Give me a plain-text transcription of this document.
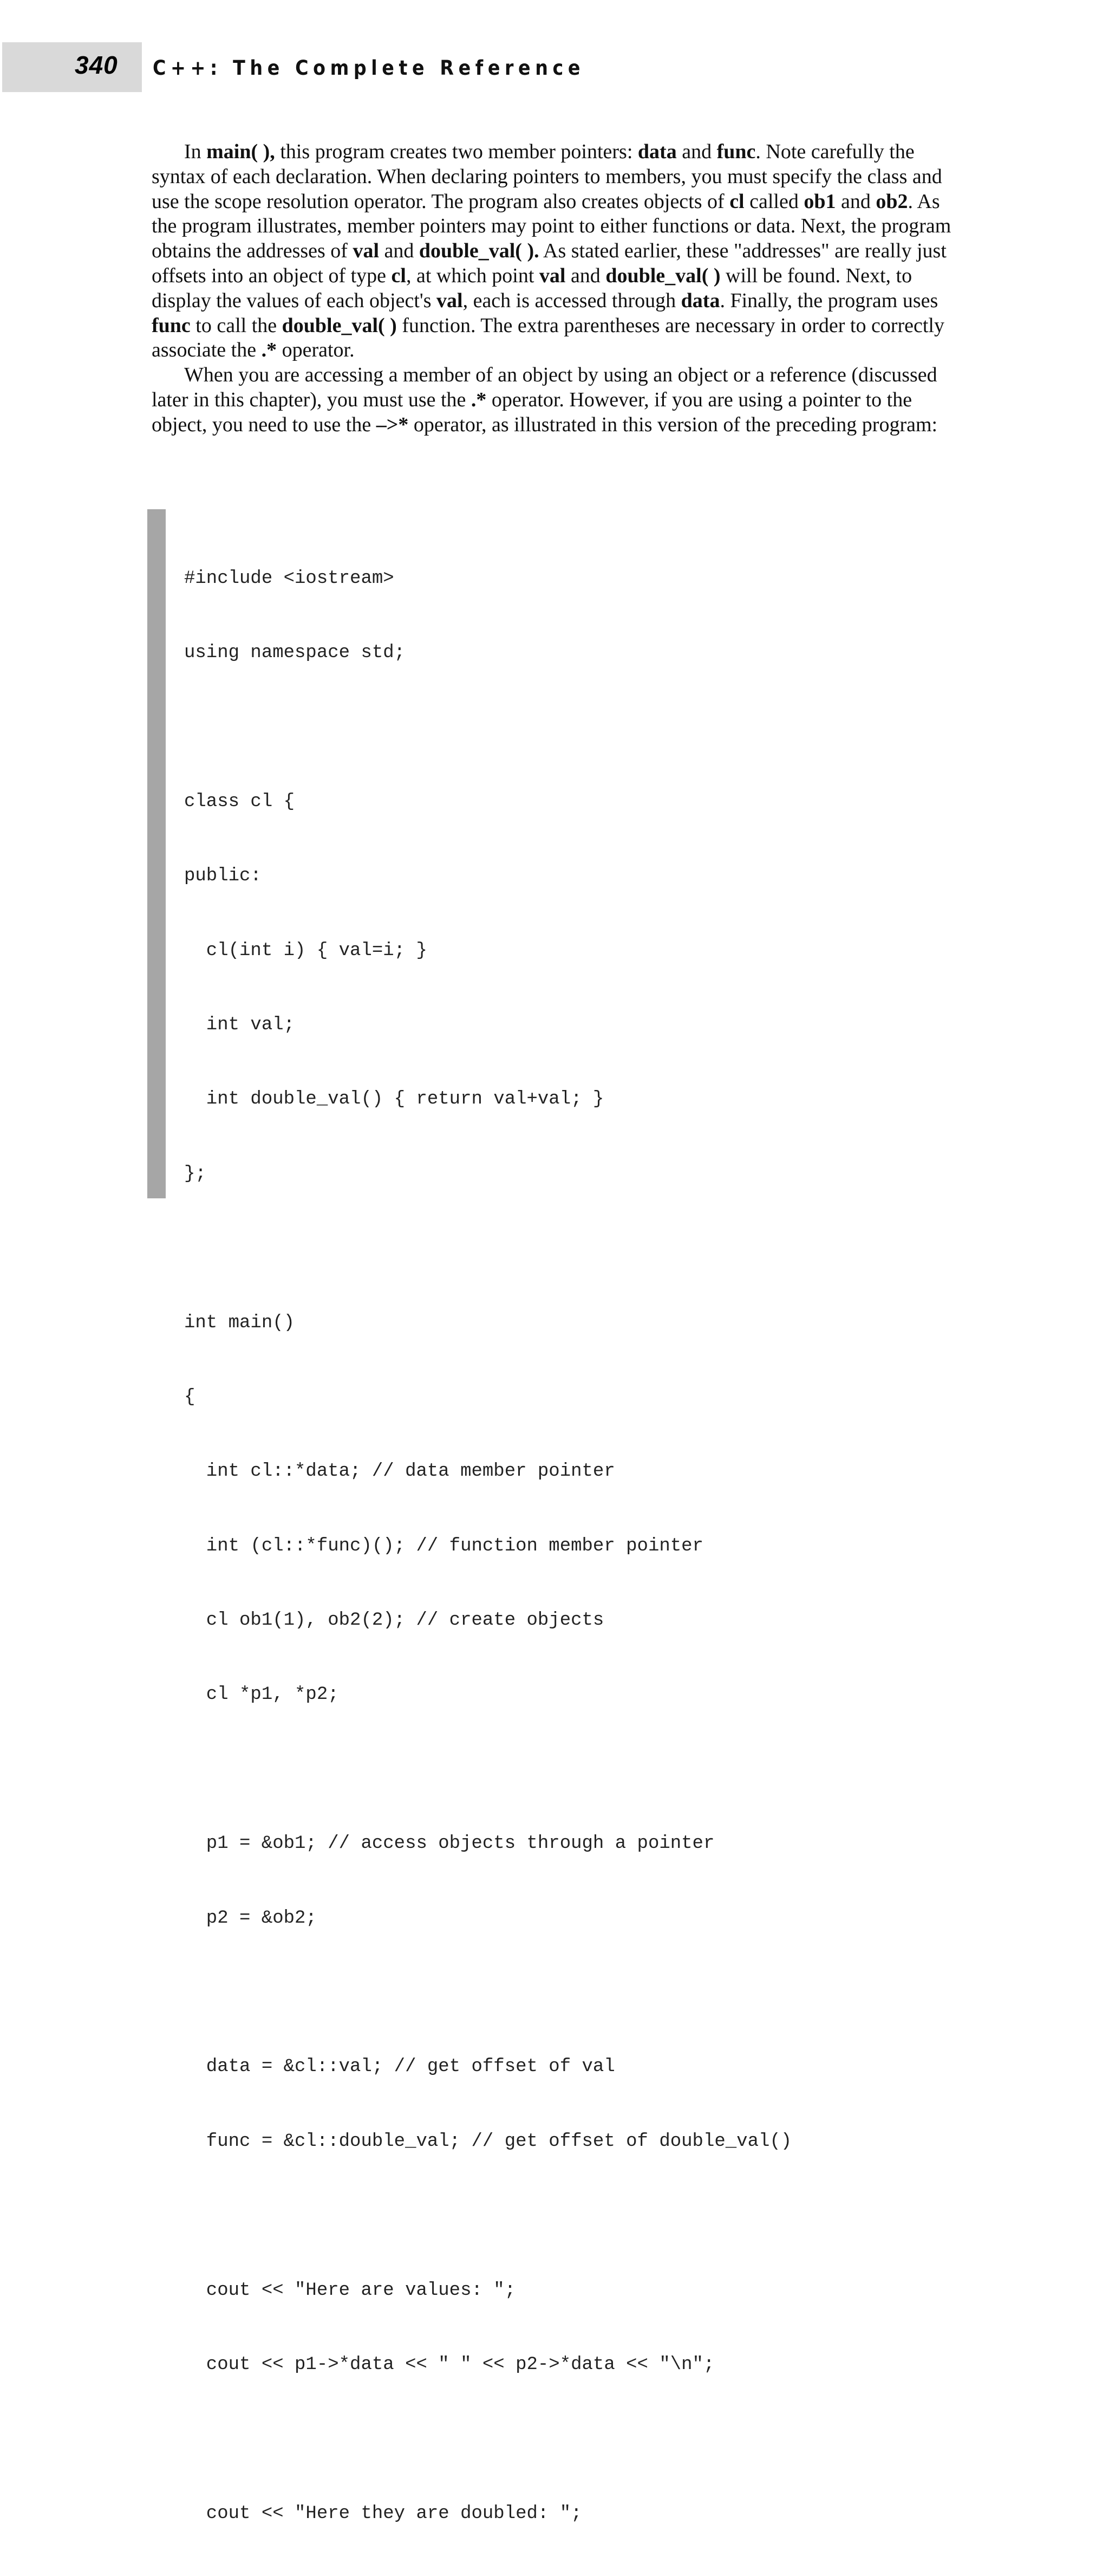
340 C++: The Complete Reference

In main( ), this program creates two member pointers: data and func. Note carefully the syntax of each declaration. When declaring pointers to members, you must specify the class and use the scope resolution operator. The program also creates objects of cl called ob1 and ob2. As the program illustrates, member pointers may point to either functions or data. Next, the program obtains the addresses of val and double_val( ). As stated earlier, these "addresses" are really just offsets into an object of type cl, at which point val and double_val( ) will be found. Next, to display the values of each object's val, each is accessed through data. Finally, the program uses func to call the double_val( ) function. The extra parentheses are necessary in order to correctly associate the .* operator.

When you are accessing a member of an object by using an object or a reference (discussed later in this chapter), you must use the .* operator. However, if you are using a pointer to the object, you need to use the –>* operator, as illustrated in this version of the preceding program:

#include <iostream>

using namespace std;

class cl {

public:

cl(int i) { val=i; }

int val;

int double_val() { return val+val; }

};

int main()

{

int cl::*data; // data member pointer

int (cl::*func)(); // function member pointer

cl ob1(1), ob2(2); // create objects

cl *p1, *p2;

p1 = &ob1; // access objects through a pointer

p2 = &ob2;

data = &cl::val; // get offset of val

func = &cl::double_val; // get offset of double_val()

cout << "Here are values: ";

cout << p1->*data << " " << p2->*data << "\n";

cout << "Here they are doubled: ";
